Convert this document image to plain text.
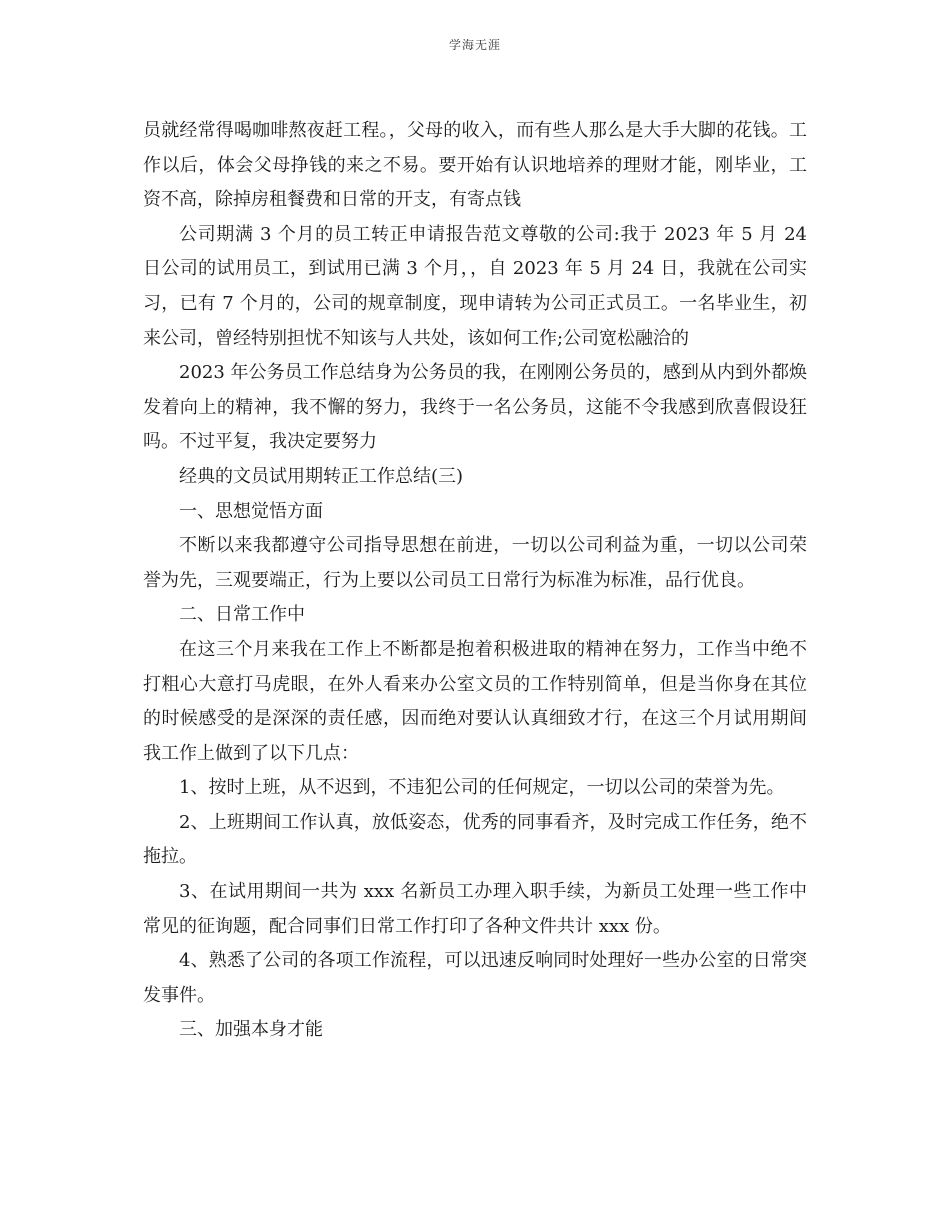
学海无涯

员就经常得喝咖啡熬夜赶工程。，父母的收入，而有些人那么是大手大脚的花钱。工作以后，体会父母挣钱的来之不易。要开始有认识地培养的理财才能，刚毕业，工资不高，除掉房租餐费和日常的开支，有寄点钱

公司期满 3 个月的员工转正申请报告范文尊敬的公司:我于 2023 年 5 月 24 日公司的试用员工，到试用已满 3 个月，，自 2023 年 5 月 24 日，我就在公司实习，已有 7 个月的，公司的规章制度，现申请转为公司正式员工。一名毕业生，初来公司，曾经特别担忧不知该与人共处，该如何工作;公司宽松融洽的

2023 年公务员工作总结身为公务员的我，在刚刚公务员的，感到从内到外都焕发着向上的精神，我不懈的努力，我终于一名公务员，这能不令我感到欣喜假设狂吗。不过平复，我决定要努力

经典的文员试用期转正工作总结(三)

一、思想觉悟方面

不断以来我都遵守公司指导思想在前进，一切以公司利益为重，一切以公司荣誉为先，三观要端正，行为上要以公司员工日常行为标准为标准，品行优良。

二、日常工作中

在这三个月来我在工作上不断都是抱着积极进取的精神在努力，工作当中绝不打粗心大意打马虎眼，在外人看来办公室文员的工作特别简单，但是当你身在其位的时候感受的是深深的责任感，因而绝对要认认真细致才行，在这三个月试用期间我工作上做到了以下几点：

1、按时上班，从不迟到，不违犯公司的任何规定，一切以公司的荣誉为先。

2、上班期间工作认真，放低姿态，优秀的同事看齐，及时完成工作任务，绝不拖拉。

3、在试用期间一共为 xxx 名新员工办理入职手续，为新员工处理一些工作中常见的征询题，配合同事们日常工作打印了各种文件共计 xxx 份。

4、熟悉了公司的各项工作流程，可以迅速反响同时处理好一些办公室的日常突发事件。

三、加强本身才能
